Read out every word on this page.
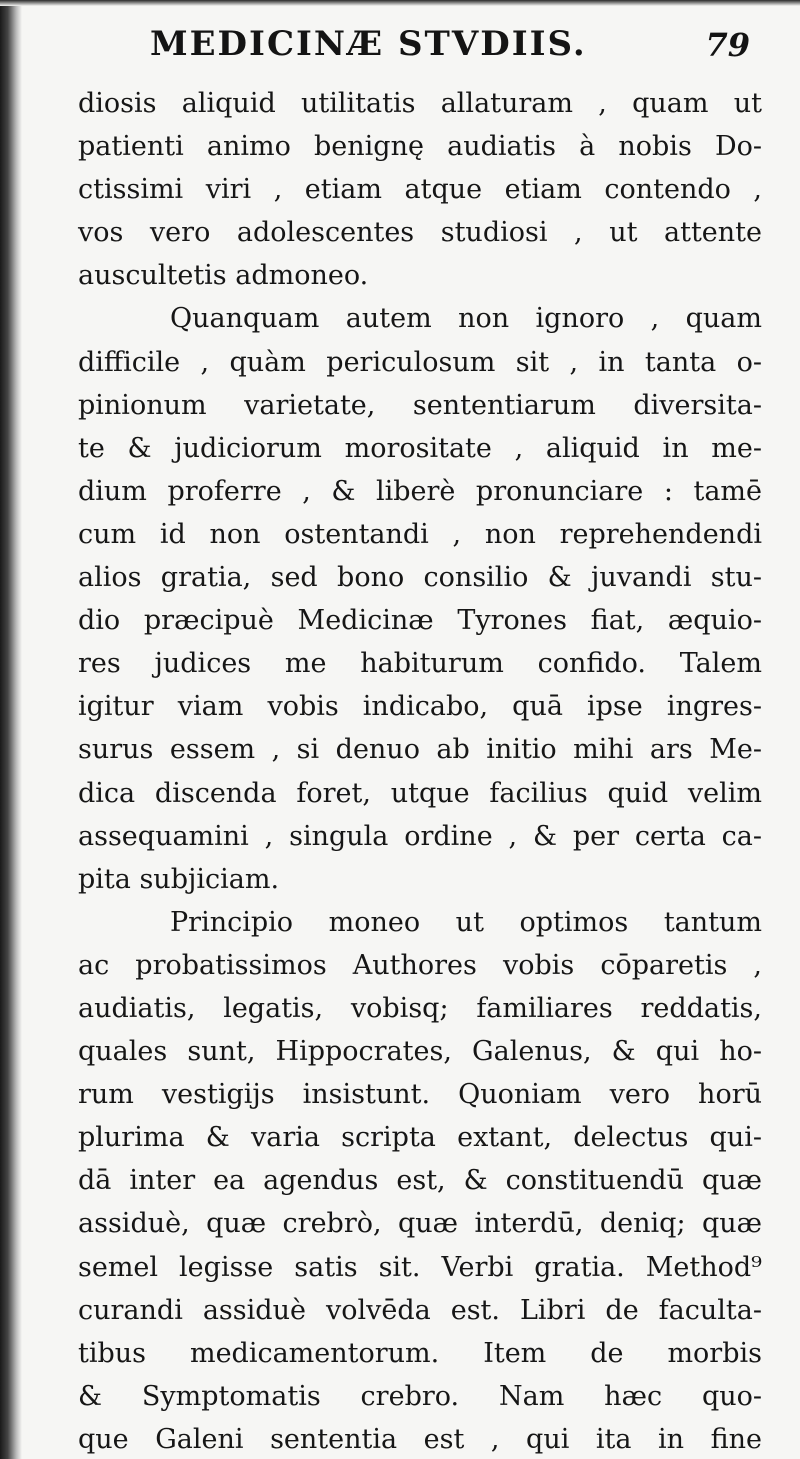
MEDICINÆ STVDIIS.	79
diosis aliquid utilitatis allaturam , quam ut
patienti animo benignę audiatis à nobis Do-
ctissimi viri , etiam atque etiam contendo ,
vos vero adolescentes studiosi , ut attente
auscultetis admoneo.
Quanquam autem non ignoro , quam
difficile , quàm periculosum sit , in tanta o-
pinionum varietate, sententiarum diversita-
te & judiciorum morositate , aliquid in me-
dium proferre , & liberè pronunciare : tamē
cum id non ostentandi , non reprehendendi
alios gratia, sed bono consilio & juvandi stu-
dio præcipuè Medicinæ Tyrones fiat, æquio-
res judices me habiturum confido. Talem
igitur viam vobis indicabo, quā ipse ingres-
surus essem , si denuo ab initio mihi ars Me-
dica discenda foret, utque facilius quid velim
assequamini , singula ordine , & per certa ca-
pita subjiciam.
Principio moneo ut optimos tantum
ac probatissimos Authores vobis cōparetis ,
audiatis, legatis, vobisq; familiares reddatis,
quales sunt, Hippocrates, Galenus, & qui ho-
rum vestigijs insistunt. Quoniam vero horū
plurima & varia scripta extant, delectus qui-
dā inter ea agendus est, & constituendū quæ
assiduè, quæ crebrò, quæ interdū, deniq; quæ
semel legisse satis sit. Verbi gratia. Method⁹
curandi assiduè volvēda est. Libri de faculta-
tibus medicamentorum. Item de morbis
& Symptomatis crebro. Nam hæc quo-
que Galeni sententia est , qui ita in fine
